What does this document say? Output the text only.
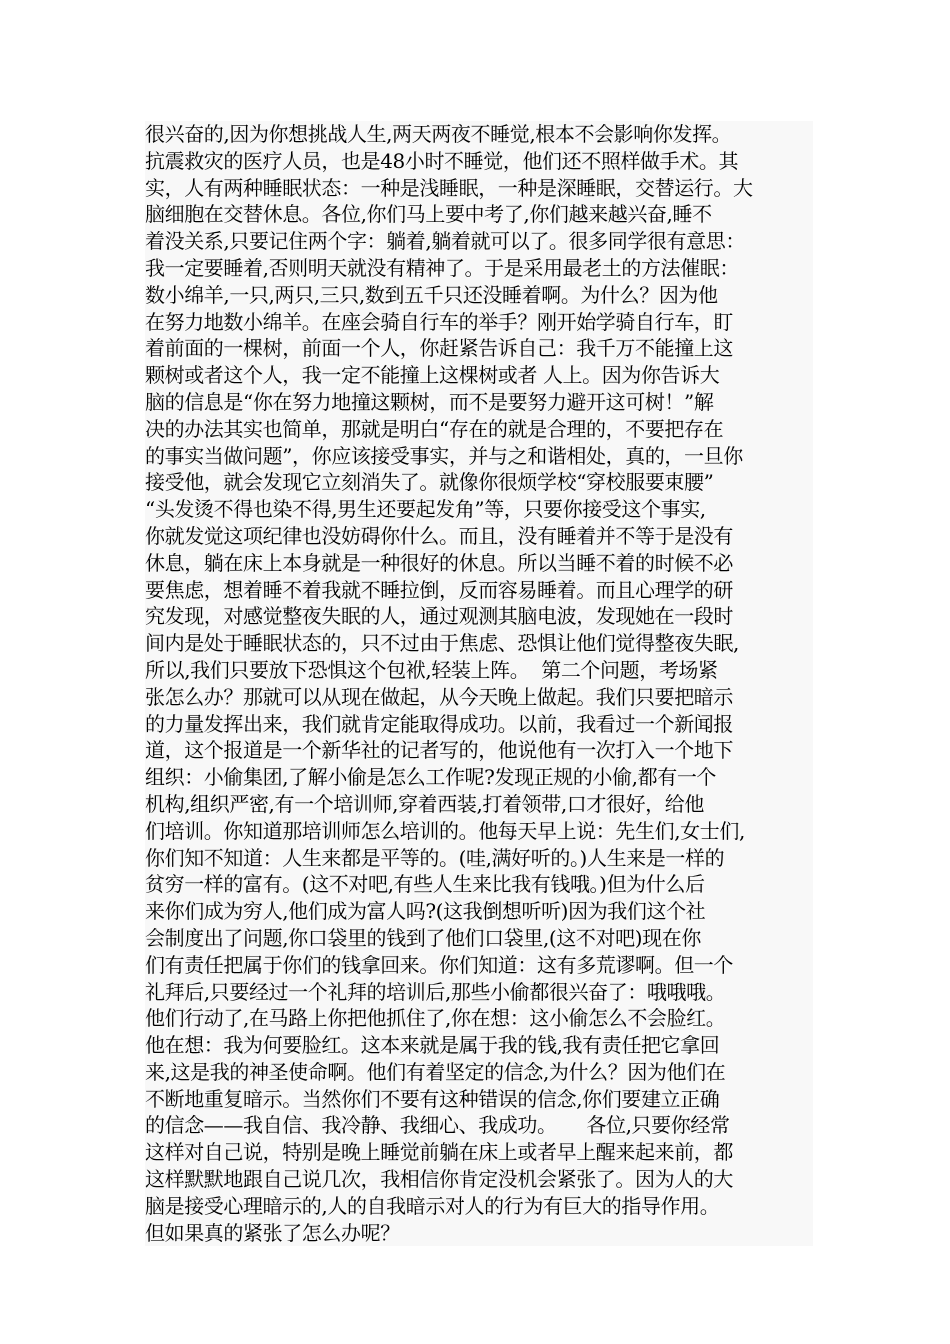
很兴奋的,因为你想挑战人生,两天两夜不睡觉,根本不会影响你发挥。
抗震救灾的医疗人员，也是48小时不睡觉，他们还不照样做手术。其
实，人有两种睡眠状态：一种是浅睡眠，一种是深睡眠，交替运行。大
脑细胞在交替休息。各位,你们马上要中考了,你们越来越兴奋,睡不
着没关系,只要记住两个字：躺着,躺着就可以了。很多同学很有意思：
我一定要睡着,否则明天就没有精神了。于是采用最老土的方法催眠：
数小绵羊,一只,两只,三只,数到五千只还没睡着啊。为什么？因为他
在努力地数小绵羊。在座会骑自行车的举手？刚开始学骑自行车，盯
着前面的一棵树，前面一个人，你赶紧告诉自己：我千万不能撞上这
颗树或者这个人，我一定不能撞上这棵树或者 人上。因为你告诉大
脑的信息是“你在努力地撞这颗树，而不是要努力避开这可树！”解
决的办法其实也简单，那就是明白“存在的就是合理的，不要把存在
的事实当做问题”，你应该接受事实，并与之和谐相处，真的，一旦你
接受他，就会发现它立刻消失了。就像你很烦学校“穿校服要束腰”
“头发烫不得也染不得,男生还要起发角”等，只要你接受这个事实,
你就发觉这项纪律也没妨碍你什么。而且，没有睡着并不等于是没有
休息，躺在床上本身就是一种很好的休息。所以当睡不着的时候不必
要焦虑，想着睡不着我就不睡拉倒，反而容易睡着。而且心理学的研
究发现，对感觉整夜失眠的人，通过观测其脑电波，发现她在一段时
间内是处于睡眠状态的，只不过由于焦虑、恐惧让他们觉得整夜失眠,
所以,我们只要放下恐惧这个包袱,轻装上阵。  第二个问题，考场紧
张怎么办？那就可以从现在做起，从今天晚上做起。我们只要把暗示
的力量发挥出来，我们就肯定能取得成功。以前，我看过一个新闻报
道，这个报道是一个新华社的记者写的，他说他有一次打入一个地下
组织：小偷集团,了解小偷是怎么工作呢?发现正规的小偷,都有一个
机构,组织严密,有一个培训师,穿着西装,打着领带,口才很好，给他
们培训。你知道那培训师怎么培训的。他每天早上说：先生们,女士们,
你们知不知道：人生来都是平等的。(哇,满好听的。)人生来是一样的
贫穷一样的富有。(这不对吧,有些人生来比我有钱哦。)但为什么后
来你们成为穷人,他们成为富人吗?(这我倒想听听)因为我们这个社
会制度出了问题,你口袋里的钱到了他们口袋里,(这不对吧)现在你
们有责任把属于你们的钱拿回来。你们知道：这有多荒谬啊。但一个
礼拜后,只要经过一个礼拜的培训后,那些小偷都很兴奋了：哦哦哦。
他们行动了,在马路上你把他抓住了,你在想：这小偷怎么不会脸红。
他在想：我为何要脸红。这本来就是属于我的钱,我有责任把它拿回
来,这是我的神圣使命啊。他们有着坚定的信念,为什么？因为他们在
不断地重复暗示。当然你们不要有这种错误的信念,你们要建立正确
的信念——我自信、我冷静、我细心、我成功。     各位,只要你经常
这样对自己说，特别是晚上睡觉前躺在床上或者早上醒来起来前，都
这样默默地跟自己说几次，我相信你肯定没机会紧张了。因为人的大
脑是接受心理暗示的,人的自我暗示对人的行为有巨大的指导作用。
但如果真的紧张了怎么办呢？
